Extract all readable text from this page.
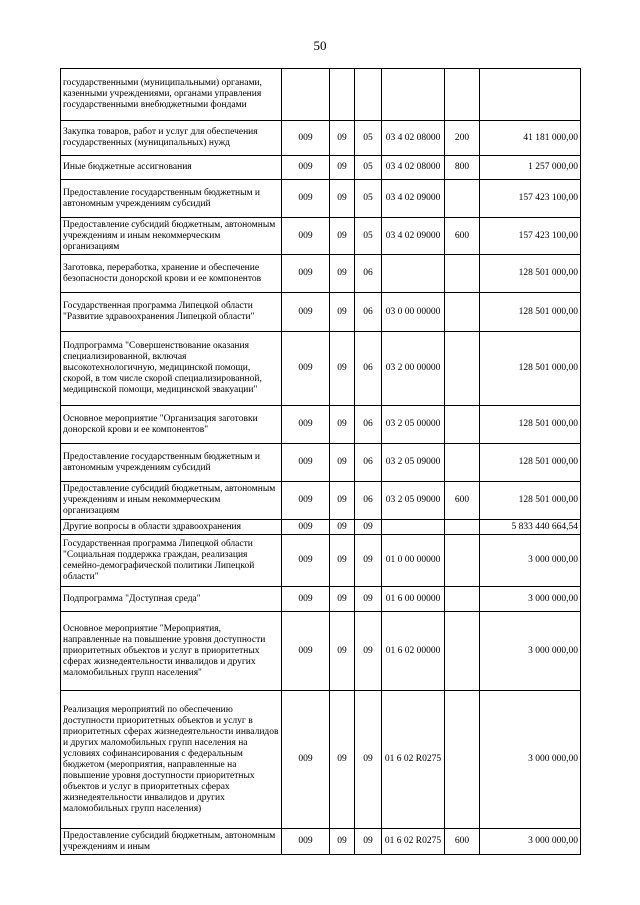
50
государственными (муниципальными) органами, казенными учреждениями, органами управления государственными внебюджетными фондами						
Закупка товаров, работ и услуг для обеспечения государственных (муниципальных) нужд	009	09	05	03 4 02 08000	200	41 181 000,00
Иные бюджетные ассигнования	009	09	05	03 4 02 08000	800	1 257 000,00
Предоставление государственным бюджетным и автономным учреждениям субсидий	009	09	05	03 4 02 09000		157 423 100,00
Предоставление субсидий бюджетным, автономным учреждениям и иным некоммерческим организациям	009	09	05	03 4 02 09000	600	157 423 100,00
Заготовка, переработка, хранение и обеспечение безопасности донорской крови и ее компонентов	009	09	06			128 501 000,00
Государственная программа Липецкой области "Развитие здравоохранения Липецкой области"	009	09	06	03 0 00 00000		128 501 000,00
Подпрограмма "Совершенствование оказания специализированной, включая высокотехнологичную, медицинской помощи, скорой, в том числе скорой специализированной, медицинской помощи, медицинской эвакуации"	009	09	06	03 2 00 00000		128 501 000,00
Основное мероприятие "Организация заготовки донорской крови и ее компонентов"	009	09	06	03 2 05 00000		128 501 000,00
Предоставление государственным бюджетным и автономным учреждениям субсидий	009	09	06	03 2 05 09000		128 501 000,00
Предоставление субсидий бюджетным, автономным учреждениям и иным некоммерческим организациям	009	09	06	03 2 05 09000	600	128 501 000,00
Другие вопросы в области здравоохранения	009	09	09			5 833 440 664,54
Государственная программа Липецкой области "Социальная поддержка граждан, реализация семейно-демографической политики Липецкой области"	009	09	09	01 0 00 00000		3 000 000,00
Подпрограмма "Доступная среда"	009	09	09	01 6 00 00000		3 000 000,00
Основное мероприятие "Мероприятия, направленные на повышение уровня доступности приоритетных объектов и услуг в приоритетных сферах жизнедеятельности инвалидов и других маломобильных групп населения"	009	09	09	01 6 02 00000		3 000 000,00
Реализация мероприятий по обеспечению доступности приоритетных объектов и услуг в приоритетных сферах жизнедеятельности инвалидов и других маломобильных групп населения на условиях софинансирования с федеральным бюджетом (мероприятия, направленные на повышение уровня доступности приоритетных объектов и услуг в приоритетных сферах жизнедеятельности инвалидов и других маломобильных групп населения)	009	09	09	01 6 02 R0275		3 000 000,00
Предоставление субсидий бюджетным, автономным учреждениям и иным	009	09	09	01 6 02 R0275	600	3 000 000,00
